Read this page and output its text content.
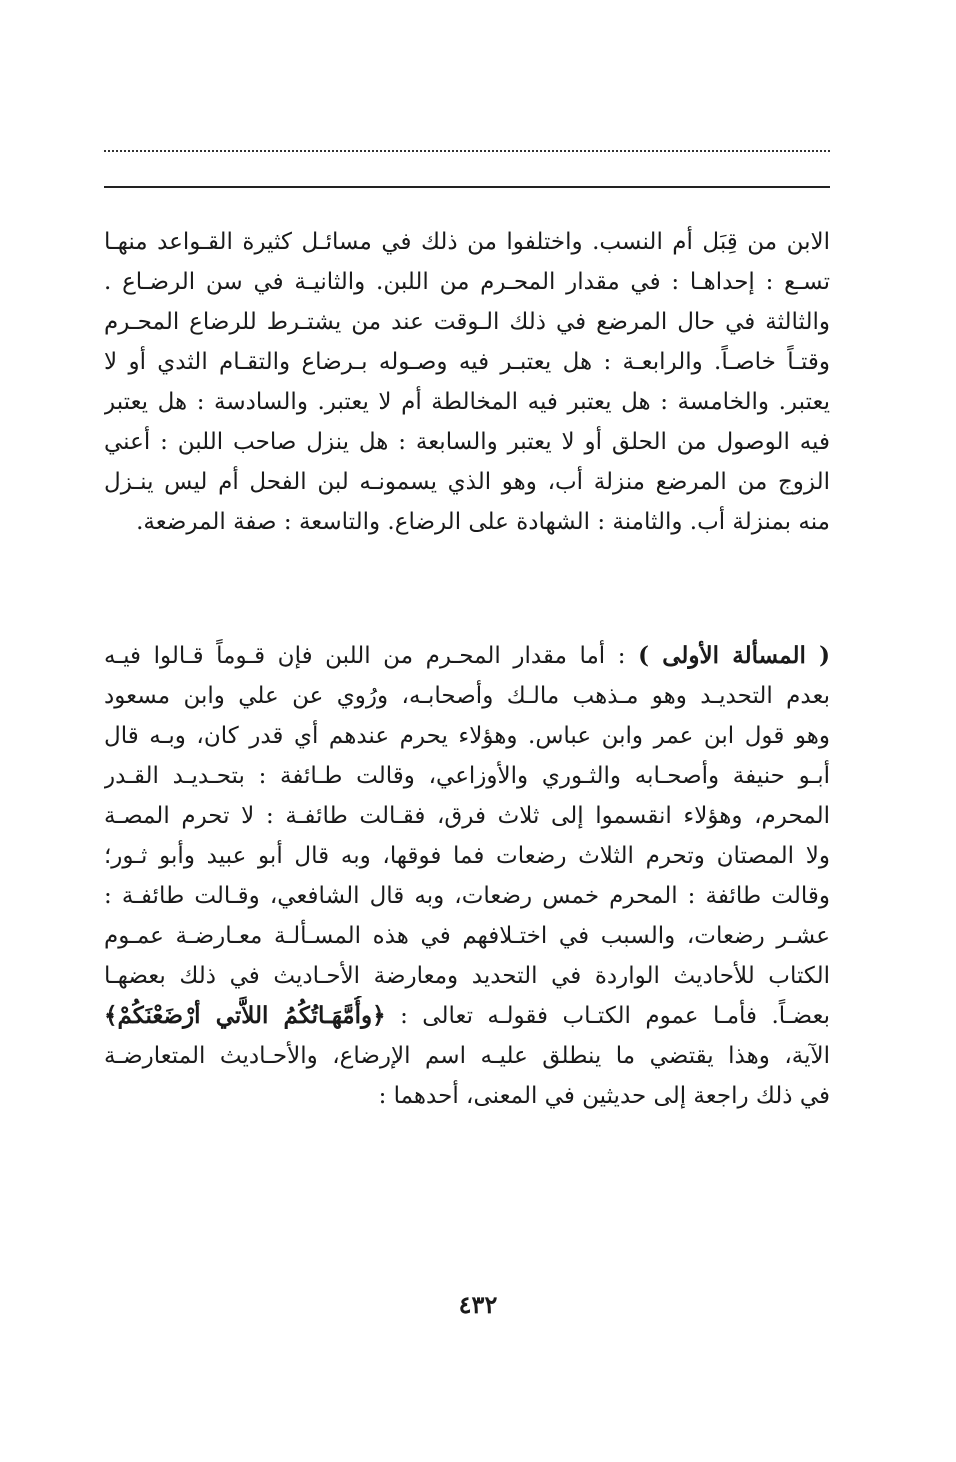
الابن من قِبَل أم النسب. واختلفوا من ذلك في مسائـل كثيرة القـواعد منهـا
تسـع : إحداهـا : في مقدار المحـرم من اللبن. والثانيـة في سن الرضـاع .
والثالثة في حال المرضع في ذلك الـوقت عند من يشتـرط للرضاع المحـرم
وقتـاً خاصـاً. والرابعـة : هل يعتبـر فيه وصـوله بـرضاع والتقـام الثدي أو لا
يعتبر. والخامسة : هل يعتبر فيه المخالطة أم لا يعتبر. والسادسة : هل يعتبر
فيه الوصول من الحلق أو لا يعتبر والسابعة : هل ينزل صاحب اللبن : أعني
الزوج من المرضع منزلة أب، وهو الذي يسمونـه لبن الفحل أم ليس ينـزل
منه بمنزلة أب. والثامنة : الشهادة على الرضاع. والتاسعة : صفة المرضعة.
( المسألة الأولى ) : أما مقدار المحـرم من اللبن فإن قـوماً قـالوا فيـه
بعدم التحديـد وهو مـذهب مالـك وأصحابـه، ورُوي عن علي وابن مسعود
وهو قول ابن عمر وابن عباس. وهؤلاء يحرم عندهم أي قدر كان، وبـه قال
أبـو حنيفة وأصحـابه والثـوري والأوزاعي، وقالت طـائفة : بتحـديـد القـدر
المحرم، وهؤلاء انقسموا إلى ثلاث فرق، فقـالت طائفـة : لا تحرم المصـة
ولا المصتان وتحرم الثلاث رضعات فما فوقها، وبه قال أبو عبيد وأبو ثـور؛
وقالت طائفة : المحرم خمس رضعات، وبه قال الشافعي، وقـالت طائفـة :
عشـر رضعات، والسبب في اختـلافهم في هذه المسـألـة معـارضـة عمـوم
الكتاب للأحاديث الواردة في التحديد ومعارضة الأحـاديث في ذلك بعضهـا
بعضـاً. فأمـا عموم الكتـاب فقولـه تعالى : ﴿وأُمَّهَـاتُكُمُ اللاَّتي أرْضَعْنَكُمْ﴾
الآية، وهذا يقتضي ما ينطلق عليـه اسم الإرضاع، والأحـاديث المتعارضـة
في ذلك راجعة إلى حديثين في المعنى، أحدهما :
٤٣٢
